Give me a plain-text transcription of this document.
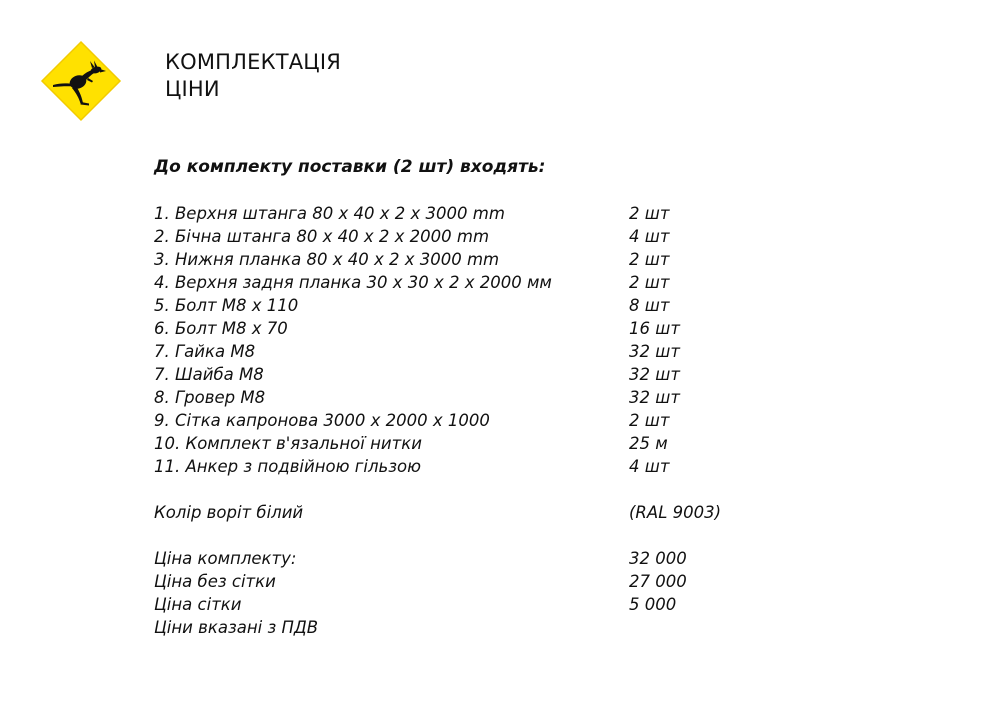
КОМПЛЕКТАЦІЯ
ЦІНИ
До комплекту поставки (2 шт) входять:
1. Верхня штанга 80 х 40 х 2 х 3000 mm	2 шт
2. Бічна штанга 80 х 40 х 2 х 2000 mm	4 шт
3. Нижня планка 80 х 40 х 2 х 3000 mm	2 шт
4. Верхня задня планка 30 х 30 х 2 х 2000 мм	2 шт
5. Болт М8 х 110	8 шт
6. Болт М8 х 70	16 шт
7. Гайка М8	32 шт
7. Шайба М8	32 шт
8. Гровер М8	32 шт
9. Сітка капронова 3000 х 2000 х 1000	2 шт
10. Комплект в'язальної нитки	25 м
11. Анкер з подвійною гільзою	4 шт
Колір воріт білий	(RAL 9003)
Ціна комплекту:	32 000
Ціна без сітки	27 000
Ціна сітки	5 000
Ціни вказані з ПДВ
